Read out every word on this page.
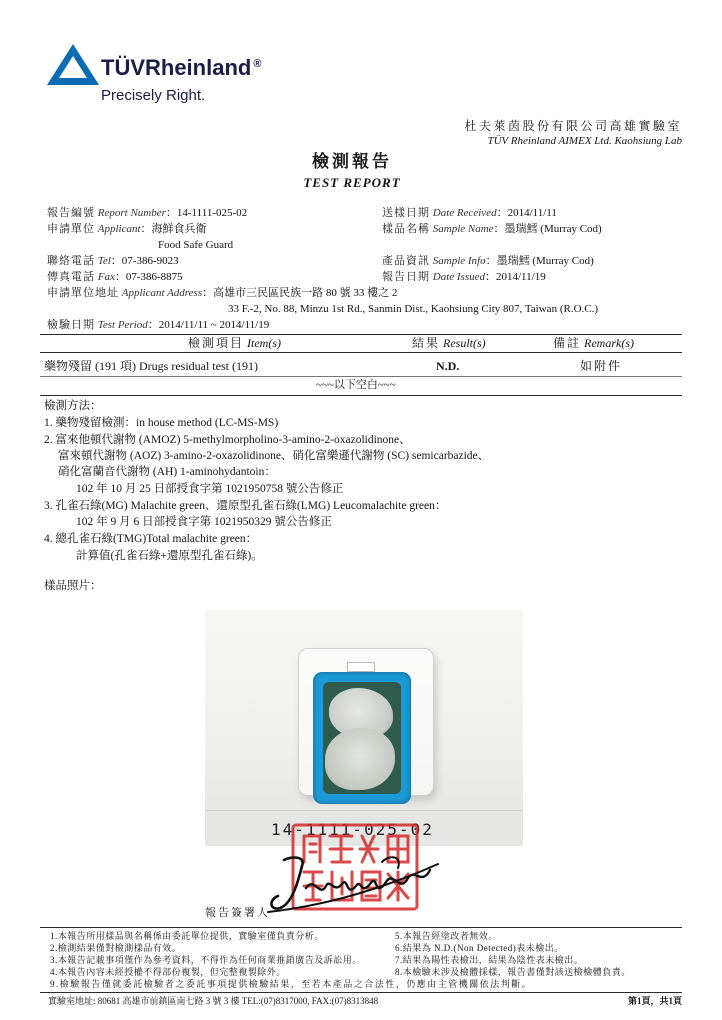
TÜVRheinland ®
Precisely Right.
杜夫萊茵股份有限公司高雄實驗室
TÜV Rheinland AIMEX Ltd. Kaohsiung Lab
檢測報告
TEST REPORT
報告編號 Report Number：14-1111-025-02
申請單位 Applicant：海鮮食兵衛
Food Safe Guard
聯絡電話 Tel：07-386-9023
傳真電話 Fax：07-386-8875
申請單位地址 Applicant Address：高雄市三民區民族一路 80 號 33 樓之 2
33 F.-2, No. 88, Minzu 1st Rd., Sanmin Dist., Kaohsiung City 807, Taiwan (R.O.C.)
檢驗日期 Test Period：2014/11/11 ~ 2014/11/19
送樣日期 Date Received：2014/11/11
樣品名稱 Sample Name：墨瑞鱈 (Murray Cod)
產品資訊 Sample Info：墨瑞鱈 (Murray Cod)
報告日期 Date Issued：2014/11/19
檢測項目 Item(s)	結果 Result(s)	備註 Remark(s)
藥物殘留 (191 項) Drugs residual test (191)	N.D.	如附件
~~~以下空白~~~
檢測方法：
1. 藥物殘留檢測：in house method (LC-MS-MS)
2. 富來他頓代謝物 (AMOZ) 5-methylmorpholino-3-amino-2-oxazolidinone、
富來頓代謝物 (AOZ) 3-amino-2-oxazolidinone、硝化富樂遜代謝物 (SC) semicarbazide、
硝化富蘭音代謝物 (AH) 1-aminohydantoin：
102 年 10 月 25 日部授食字第 1021950758 號公告修正
3. 孔雀石綠(MG) Malachite green、還原型孔雀石綠(LMG) Leucomalachite green：
102 年 9 月 6 日部授食字第 1021950329 號公告修正
4. 總孔雀石綠(TMG)Total malachite green：
計算值(孔雀石綠+還原型孔雀石綠)。
樣品照片：
14-1111-025-02
報告簽署人
1.本報告所用樣品與名稱係由委託單位提供，實驗室僅負責分析。
2.檢測結果僅對檢測樣品有效。
3.本報告記載事項僅作為參考資料，不得作為任何商業推銷廣告及訴訟用。
4.本報告內容未經授權不得部份複製，但完整複製除外。
5.本報告經塗改者無效。
6.結果為 N.D.(Non Detected)表未檢出。
7.結果為陽性表檢出，結果為陰性表未檢出。
8.本檢驗未涉及檢體採樣，報告書僅對該送檢檢體負責。
9.檢驗報告僅就委託檢驗者之委託事項提供檢驗結果，至若本產品之合法性，仍應由主管機關依法判斷。
實驗室地址: 80681 高雄市前鎮區南七路 3 號 3 樓 TEL:(07)8317000, FAX:(07)8313848	第1頁，共1頁
